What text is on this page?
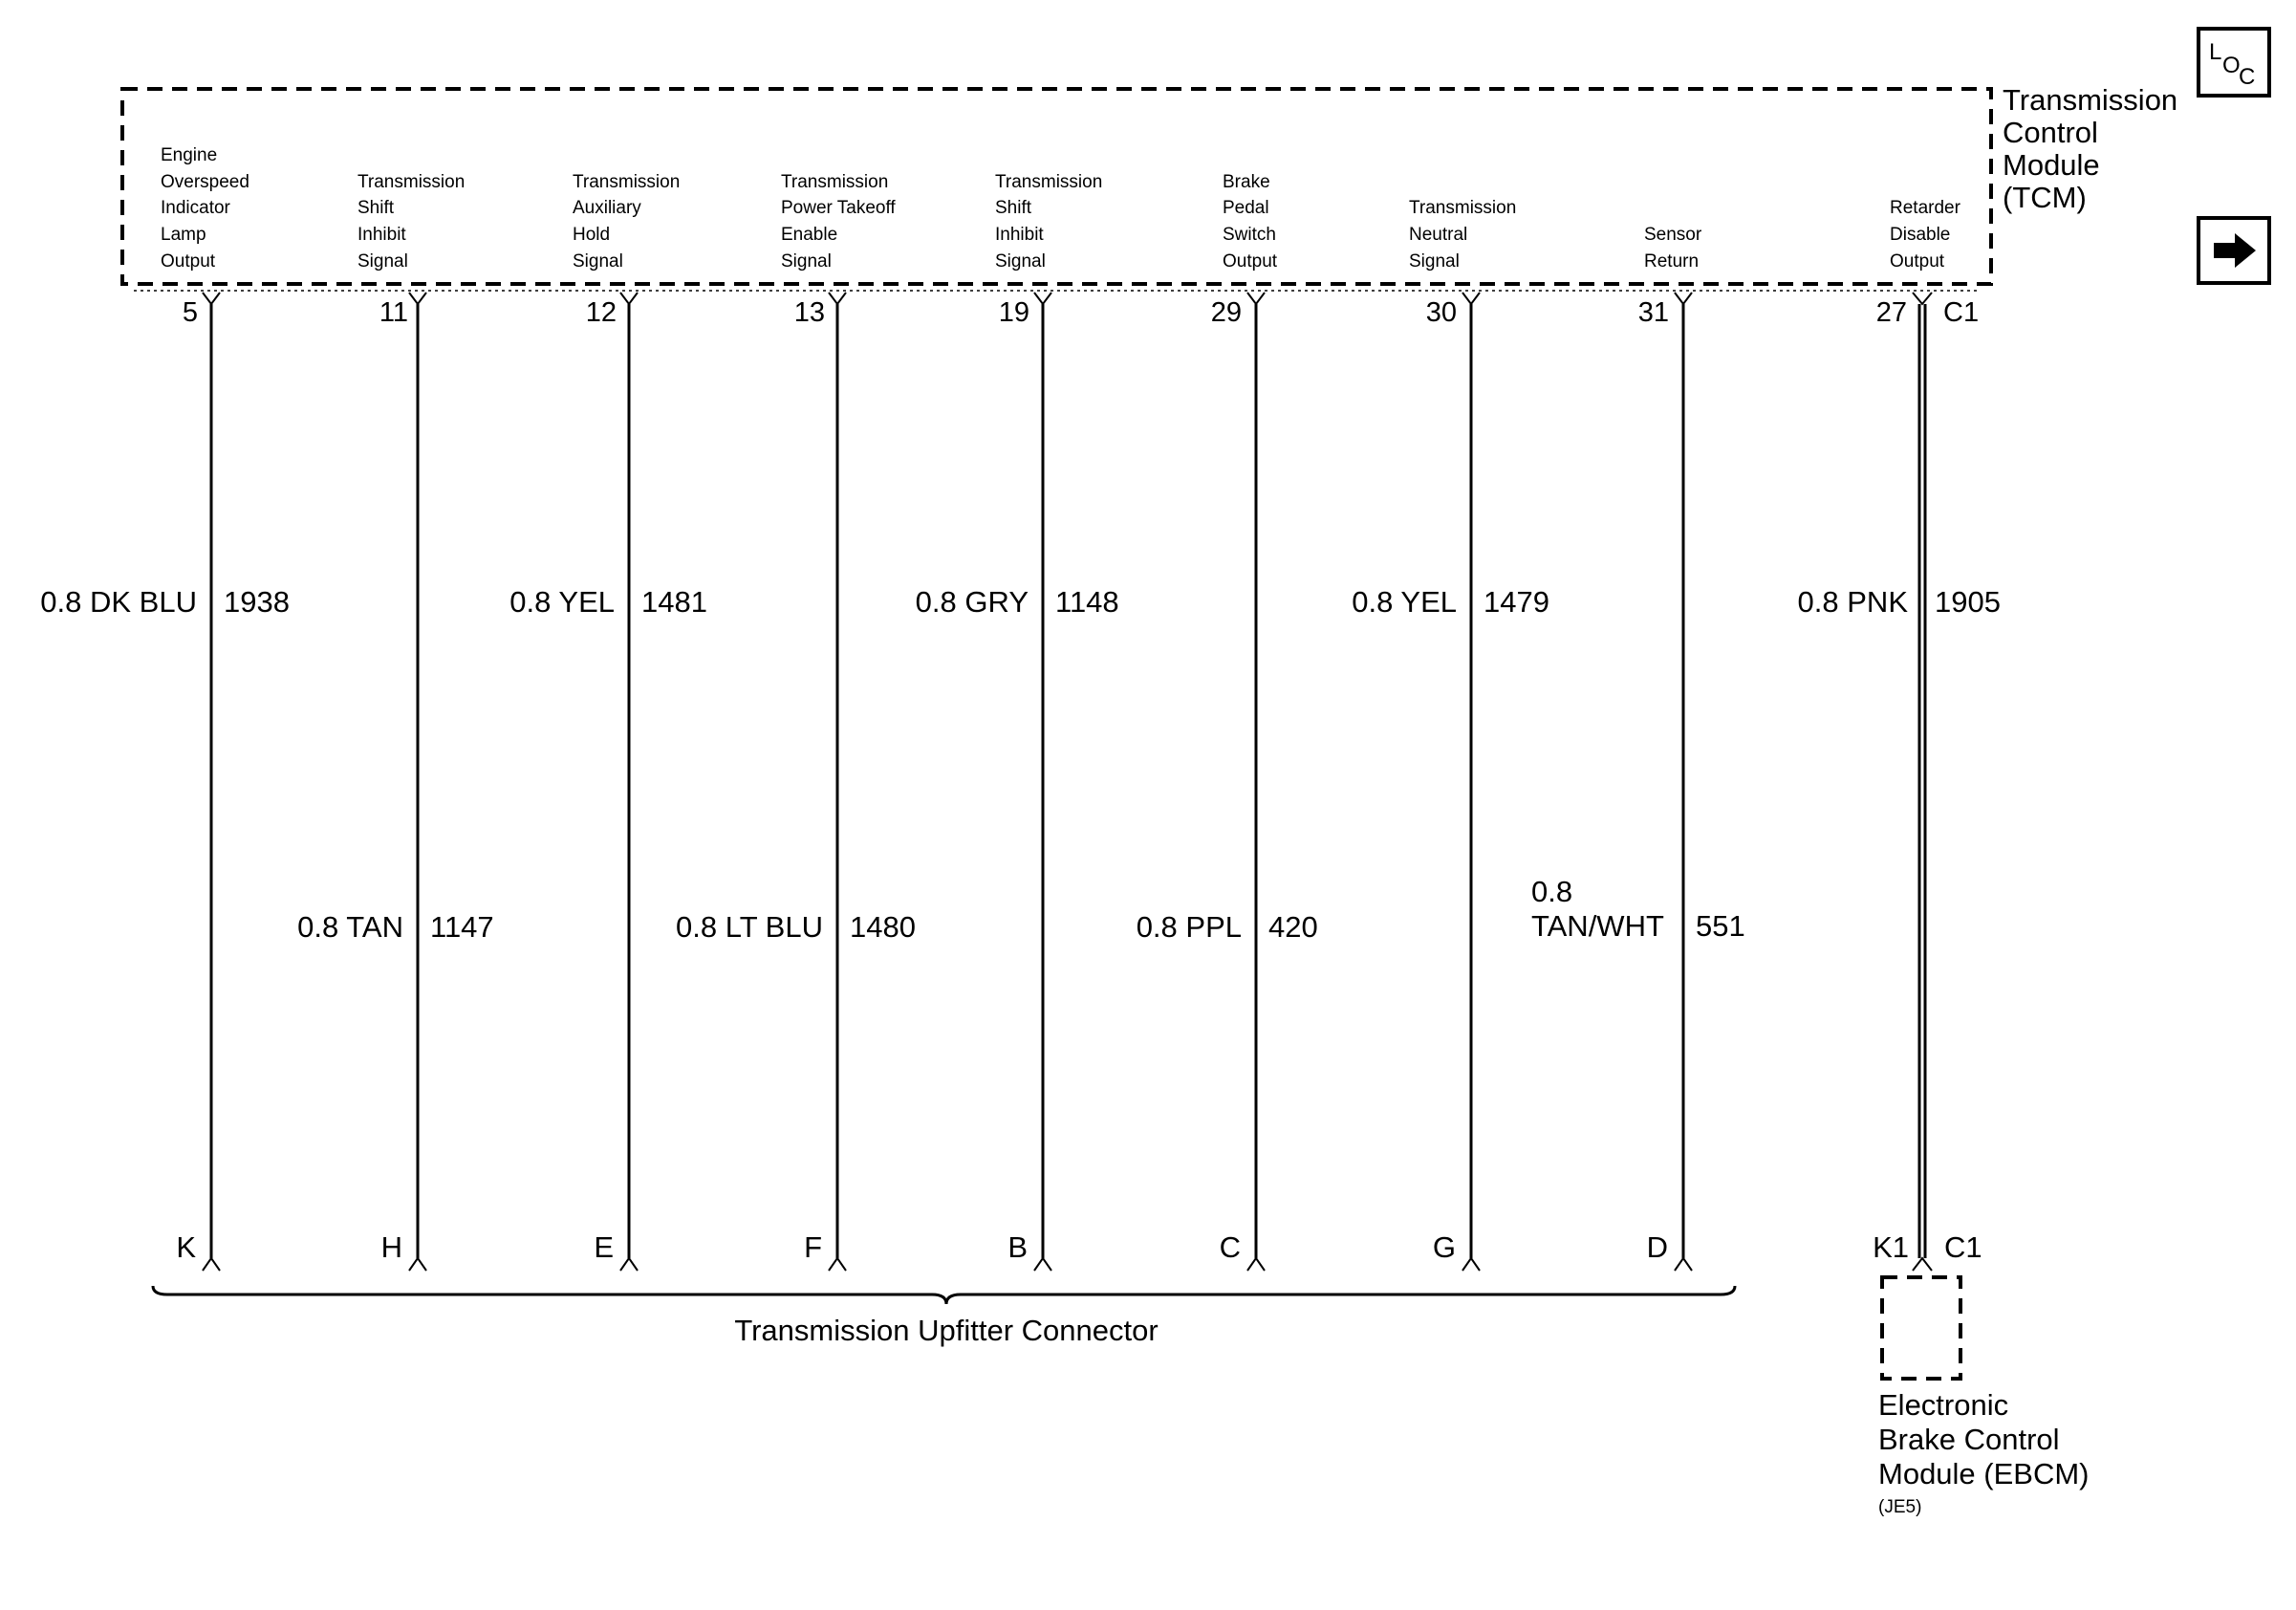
Transmission Control Module (TCM)
Engine Overspeed Indicator Lamp Output
5
0.8 DK BLU 1938
K
Transmission Shift Inhibit Signal
11
0.8 TAN 1147
H
Transmission Auxiliary Hold Signal
12
0.8 YEL 1481
E
Transmission Power Takeoff Enable Signal
13
0.8 LT BLU 1480
F
Transmission Shift Inhibit Signal
19
0.8 GRY 1148
B
Brake Pedal Switch Output
29
0.8 PPL 420
C
Transmission Neutral Signal
30
0.8 YEL 1479
G
Sensor Return
31
0.8 TAN/WHT 551
D
Retarder Disable Output
27 C1
0.8 PNK 1905
K1 C1
Transmission Upfitter Connector
Electronic Brake Control Module (EBCM)
(JE5)
L
O
C
